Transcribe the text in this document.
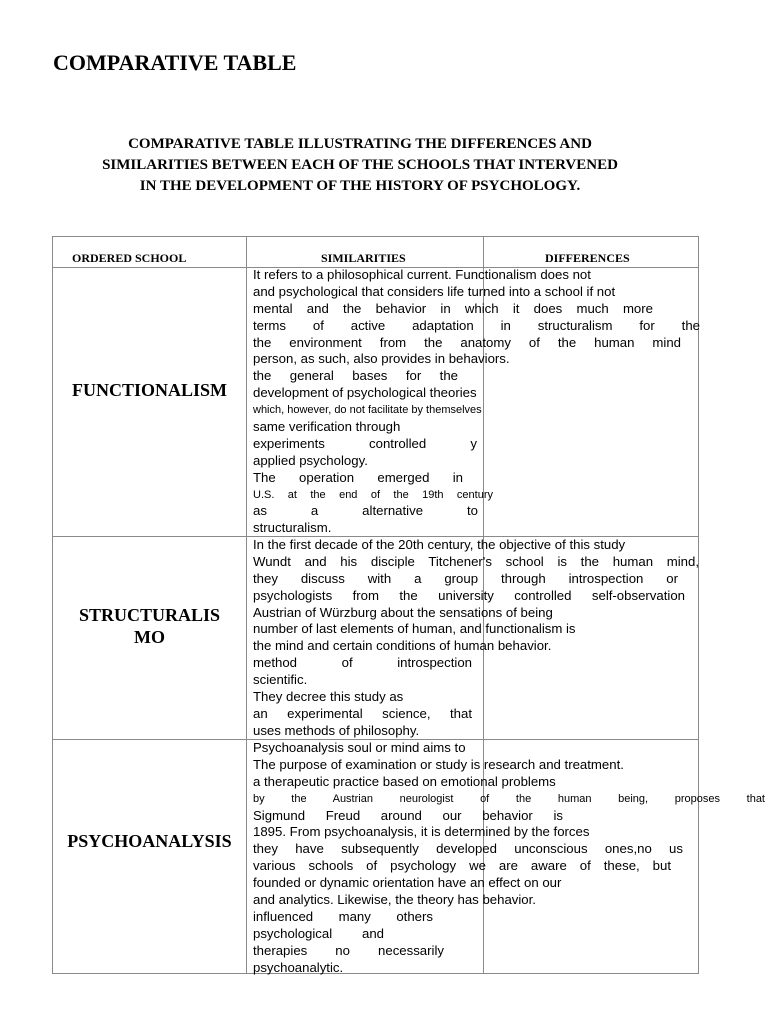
COMPARATIVE TABLE
COMPARATIVE TABLE ILLUSTRATING THE DIFFERENCES AND
SIMILARITIES BETWEEN EACH OF THE SCHOOLS THAT INTERVENED
IN THE DEVELOPMENT OF THE HISTORY OF PSYCHOLOGY.
ORDERED SCHOOL	SIMILARITIES	DIFFERENCES
FUNCTIONALISM
It refers to a philosophical current. Functionalism does not
and psychological that considers life turned into a school if not
mental and the behavior in which it does much more
terms of active adaptation in structuralism for the
the environment from the anatomy of the human mind
person, as such, also provides in behaviors.
the general bases for the
development of psychological theories
which, however, do not facilitate by themselves
same verification through
experiments controlled y
applied psychology.
The operation emerged in
U.S. at the end of the 19th century
as a alternative to
structuralism.
STRUCTURALIS
MO
In the first decade of the 20th century, the objective of this study
Wundt and his disciple Titchener's school is the human mind,
they discuss with a group through introspection or
psychologists from the university controlled self-observation
Austrian of Würzburg about the sensations of being
number of last elements of human, and functionalism is
the mind and certain conditions of human behavior.
method of introspection
scientific.
They decree this study as
an experimental science, that
uses methods of philosophy.
PSYCHOANALYSIS
Psychoanalysis soul or mind aims to
The purpose of examination or study is research and treatment.
a therapeutic practice based on emotional problems
by the Austrian neurologist of the human being, proposes that
Sigmund Freud around our behavior is
1895. From psychoanalysis, it is determined by the forces
they have subsequently developed unconscious ones,no us
various schools of psychology we are aware of these, but
founded or dynamic orientation have an effect on our
and analytics. Likewise, the theory has behavior.
influenced many others
psychological and
therapies no necessarily
psychoanalytic.
